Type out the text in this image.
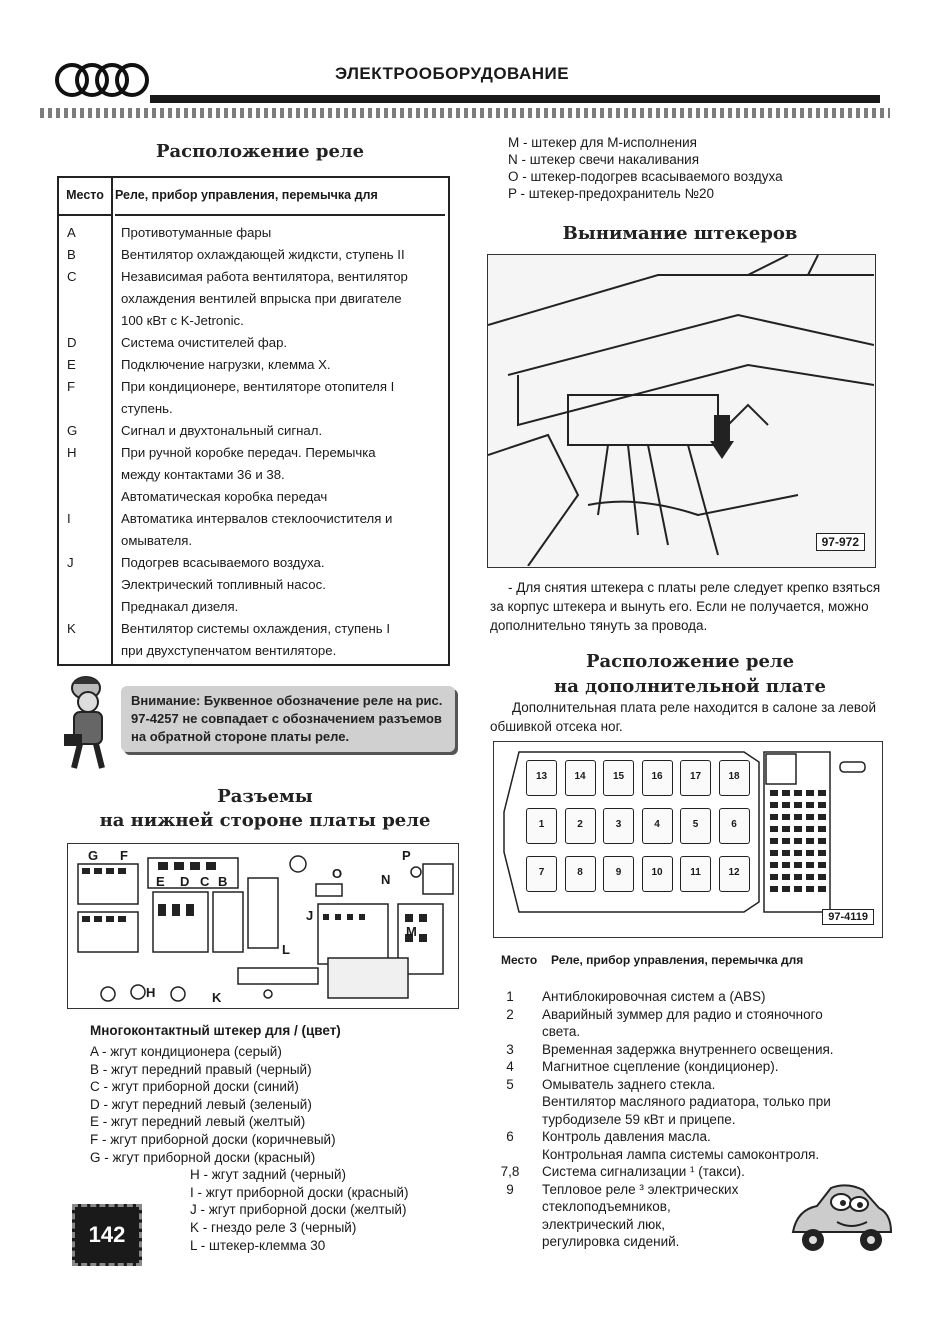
ЭЛЕКТРООБОРУДОВАНИЕ
Расположение реле
Место Реле, прибор управления, перемычка для
A	Противотуманные фары
B	Вентилятор охлаждающей жидксти, ступень II
C	Независимая работа вентилятора, вентилятор
охлаждения вентилей впрыска при двигателе
100 кВт с K-Jetronic.
D	Система очистителей фар.
E	Подключение нагрузки, клемма X.
F	При кондиционере, вентиляторе отопителя I
ступень.
G	Сигнал и двухтональный сигнал.
H	При ручной коробке передач. Перемычка
между контактами 36 и 38.
Автоматическая коробка передач
I	Автоматика интервалов стеклоочистителя и
омывателя.
J	Подогрев всасываемого воздуха.
Электрический топливный насос.
Преднакал дизеля.
K	Вентилятор системы охлаждения, ступень I
при двухступенчатом вентиляторе.
Внимание: Буквенное обозначение реле на рис. 97-4257 не совпадает с обозначением разъемов на обратной стороне платы реле.
Разъемы
на нижней стороне платы реле
G F
E D C B
O
P
N
M
J
L
H	K
Многоконтактный штекер для / (цвет)
A - жгут кондиционера (серый)
B - жгут передний правый (черный)
C - жгут приборной доски (синий)
D - жгут передний левый (зеленый)
E - жгут передний левый (желтый)
F - жгут приборной доски (коричневый)
G - жгут приборной доски (красный)
H - жгут задний (черный)
I - жгут приборной доски (красный)
J - жгут приборной доски (желтый)
K - гнездо реле 3 (черный)
L - штекер-клемма 30
142
M - штекер для М-исполнения
N - штекер свечи накаливания
O - штекер-подогрев всасываемого воздуха
P - штекер-предохранитель №20
Вынимание штекеров
97-972
- Для снятия штекера с платы реле следует крепко взяться за корпус штекера и вынуть его. Если не получается, можно дополнительно тянуть за провода.
Расположение реле
на дополнительной плате
Дополнительная плата реле находится в салоне за левой обшивкой отсека ног.
13	14	15	16	17	18
1	2	3	4	5	6
7	8	9	10	11	12
97-4119
Место Реле, прибор управления, перемычка для
1	Антиблокировочная систем а (ABS)
2	Аварийный зуммер для радио и стояночного
света.
3	Временная задержка внутреннего освещения.
4	Магнитное сцепление (кондиционер).
5	Омыватель заднего стекла.
Вентилятор масляного радиатора, только при
турбодизеле 59 кВт и прицепе.
6	Контроль давления масла.
Контрольная лампа системы самоконтроля.
7,8	Система сигнализации ¹ (такси).
9	Тепловое реле ³ электрических
стеклоподъемников,
электрический люк,
регулировка сидений.
